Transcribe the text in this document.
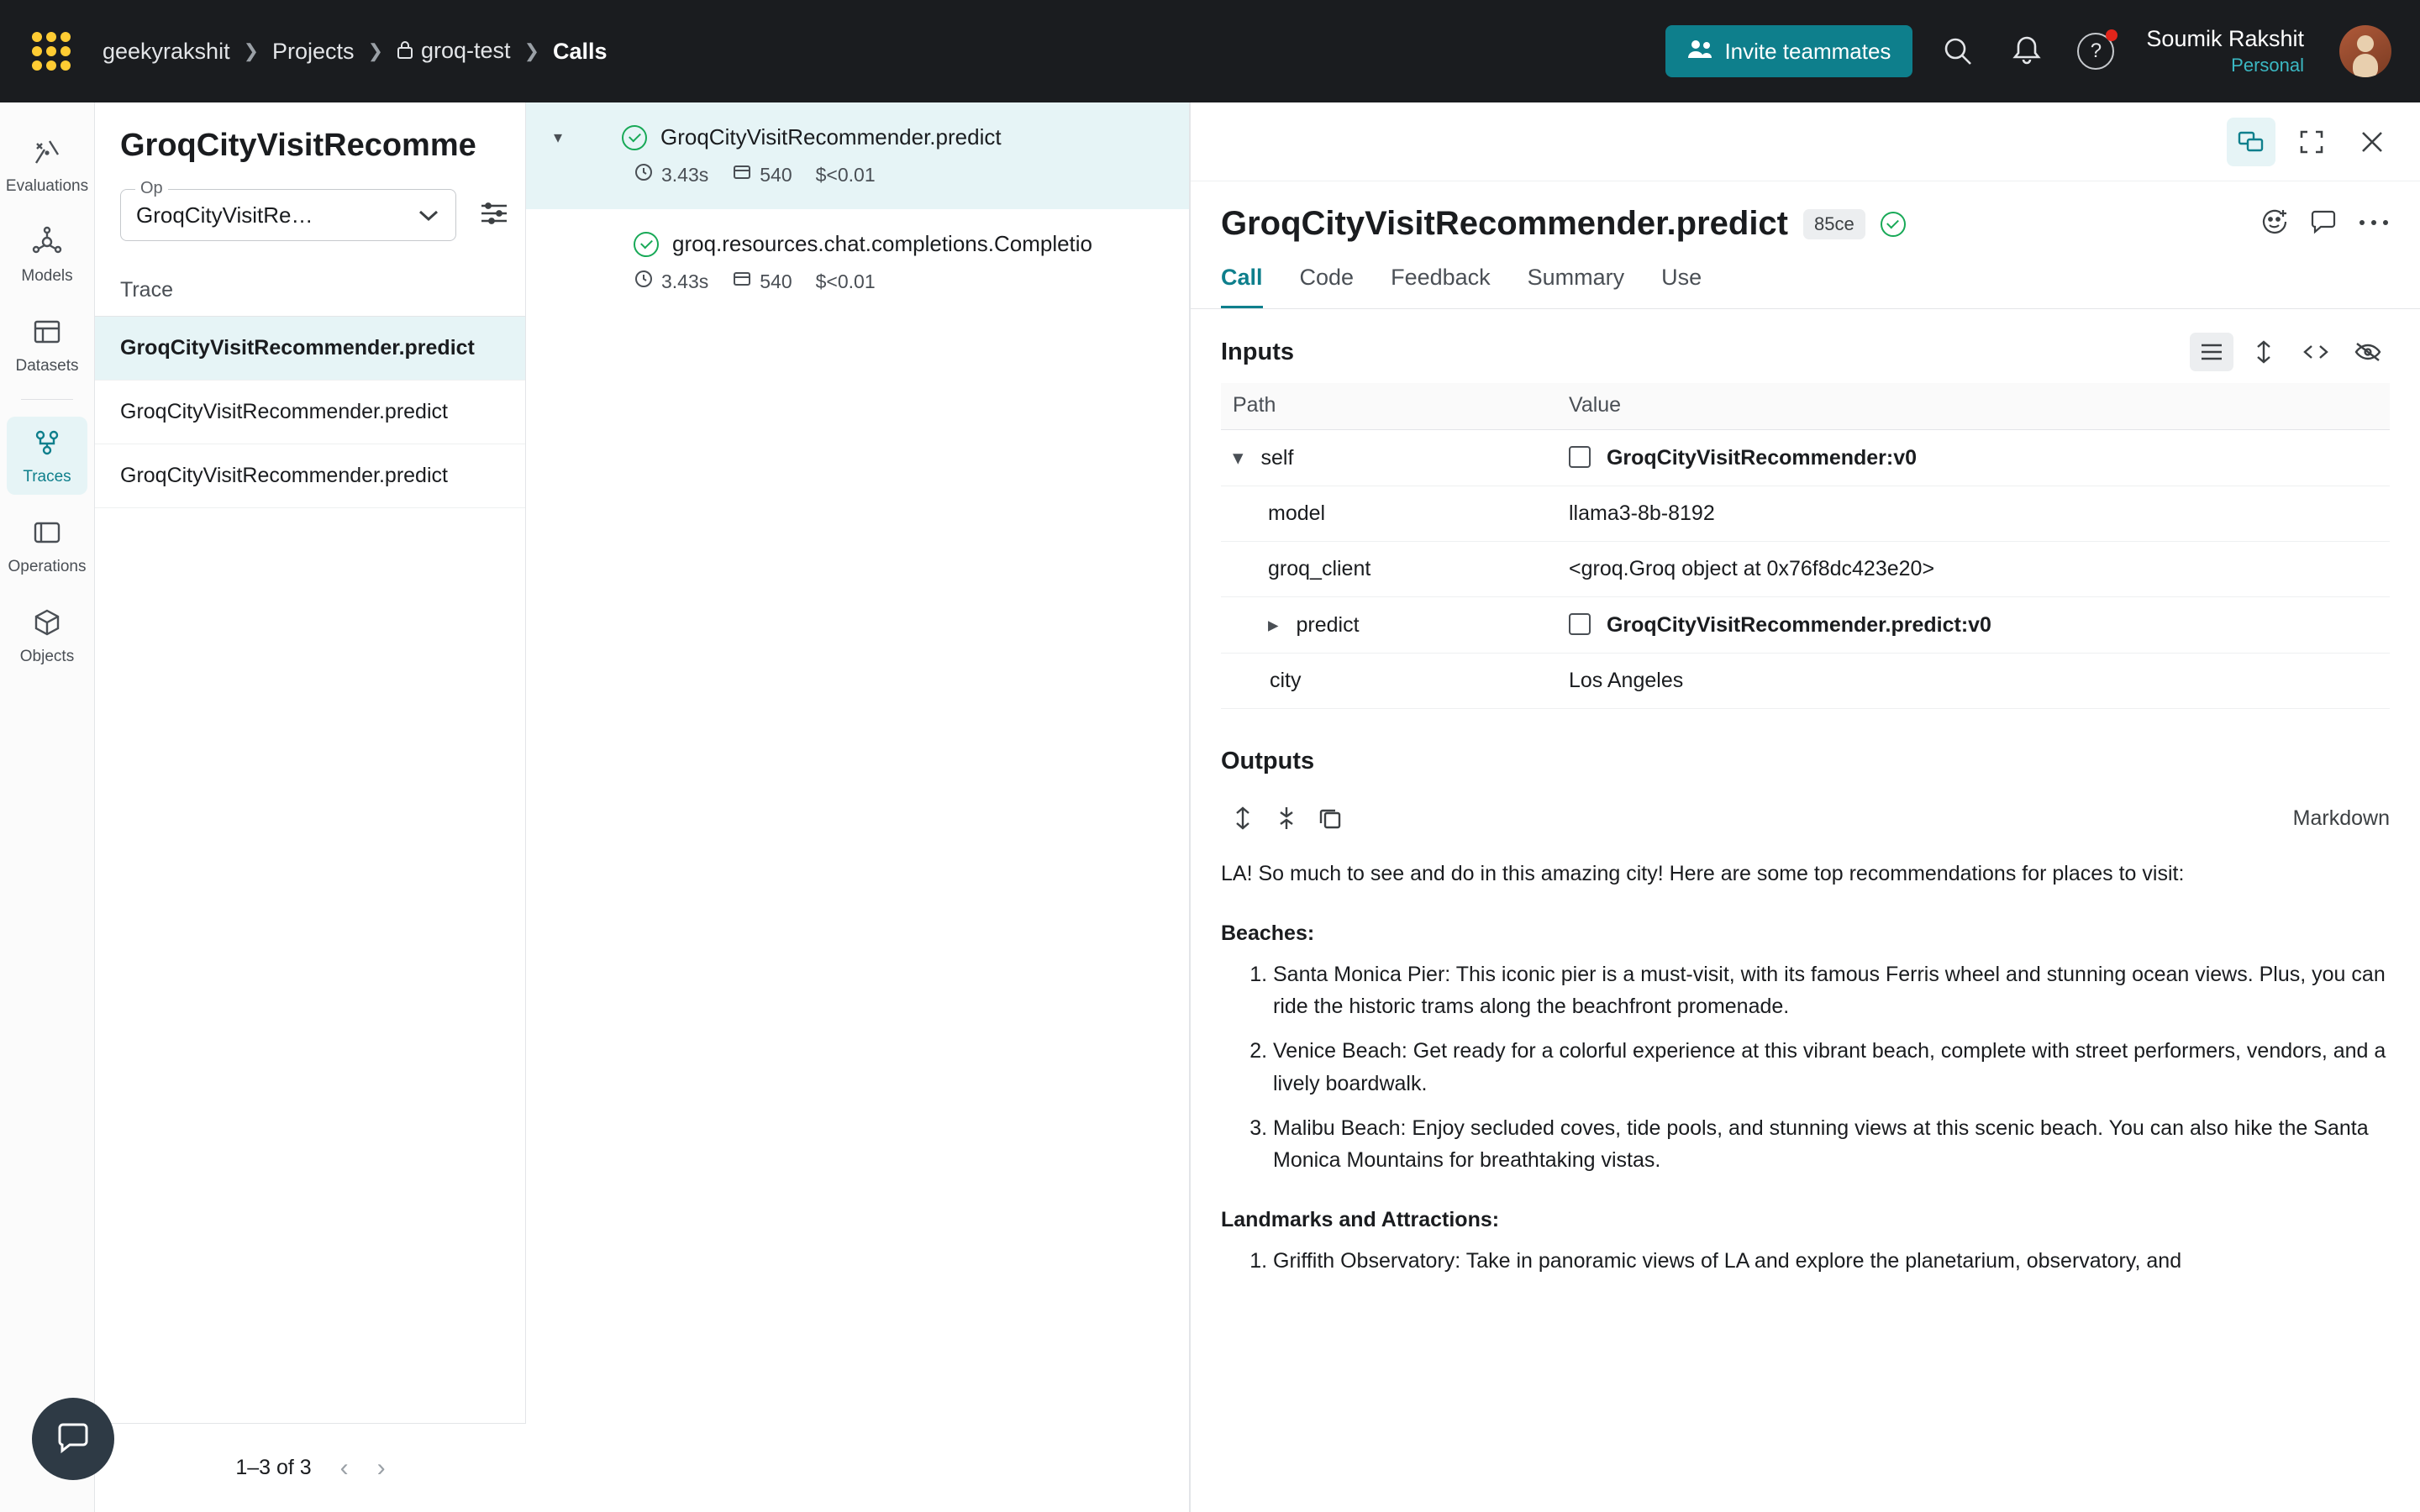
geekyrakshit ❯ Projects ❯	groq-test ❯ Calls	Invite teammates	?	Soumik Rakshit
Personal
Evaluations
Models
Datasets
Traces
Operations
Objects
GroqCityVisitRecomme
Op
GroqCityVisitRe…
Trace
GroqCityVisitRecommender.predict
GroqCityVisitRecommender.predict
GroqCityVisitRecommender.predict
1–3 of 3 ‹ ›
▾	GroqCityVisitRecommender.predict
3.43s	540 $<0.01
groq.resources.chat.completions.Completio
3.43s	540 $<0.01
GroqCityVisitRecommender.predict	85ce
Call Code Feedback Summary Use
Inputs
Path	Value
▾ self	GroqCityVisitRecommender:v0
model	llama3-8b-8192
groq_client	<groq.Groq object at 0x76f8dc423e20>
▸ predict	GroqCityVisitRecommender.predict:v0
city	Los Angeles
Outputs
Markdown

LA! So much to see and do in this amazing city! Here are some top recommendations for places to visit:

Beaches:
1. Santa Monica Pier: This iconic pier is a must-visit, with its famous Ferris wheel and stunning ocean views. Plus, you can ride the historic trams along the beachfront promenade.
2. Venice Beach: Get ready for a colorful experience at this vibrant beach, complete with street performers, vendors, and a lively boardwalk.
3. Malibu Beach: Enjoy secluded coves, tide pools, and stunning views at this scenic beach. You can also hike the Santa Monica Mountains for breathtaking vistas.
Landmarks and Attractions:
1. Griffith Observatory: Take in panoramic views of LA and explore the planetarium, observatory, and
